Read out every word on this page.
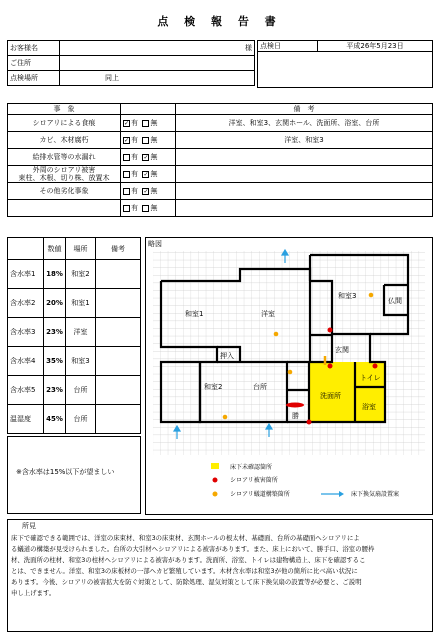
点 検 報 告 書
お客様名	様
ご住所	
点検場所	同上
点検日	平成26年5月23日

事　象		備　考
シロアリによる食痕	✓ 有 無	洋室、和室3、玄関ホール、洗面所、浴室、台所
カビ、木材腐朽	✓ 有 無	洋室、和室3
給排水管等の水漏れ	有 ✓ 無	

外周のシロアリ被害
束柱、木根、切り株、放置木	有 ✓ 無	
その他劣化事象	有 ✓ 無	
	有 無	
	数値	場所	備考
含水率1	18%	和室2	
含水率2	20%	和室1	
含水率3	23%	洋室	
含水率4	35%	和室3	
含水率5	23%	台所	
温湿度	45%	台所	
※含水率は15%以下が望ましい
略図
和室1	洋室
和室3
仏間
押入
玄関
和室2	台所
洗面所
トイレ
浴室
勝
床下未確認箇所
シロアリ被害箇所
シロアリ蟻道構築箇所	床下換気扇設置案
所見
床下で確認できる範囲では、洋室の床束材、和室3の床束材、玄関ホールの根太材、基礎面、台所の基礎面へシロアリによ
る蟻道の構築が見受けられました。台所の大引材へシロアリによる被害があります。また、床上において、勝手口、浴室の腰枠
材、洗面所の柱材、和室3の柱材へシロアリによる被害があります。洗面所、浴室、トイレは建物構造上、床下を確認するこ
とは、できません。洋室、和室3の床板材の一部へカビ繁殖しています。木材含水率は和室3が他の箇所に比べ高い状況に
あります。今後、シロアリの被害拡大を防ぐ対策として、防除処理、湿気対策として床下換気扇の設置等が必要と、ご説明
申し上げます。
